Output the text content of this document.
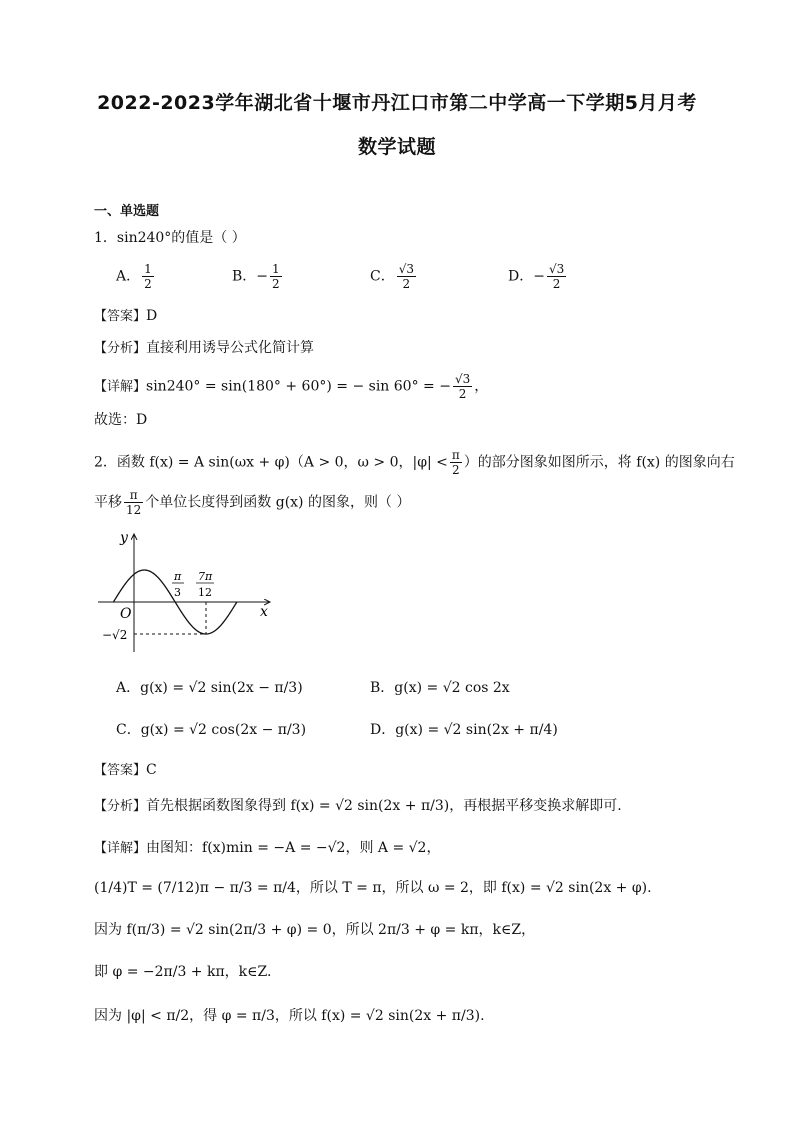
2022-2023学年湖北省十堰市丹江口市第二中学高一下学期5月月考
数学试题
一、单选题
1．sin240°的值是（ ）
A． $\frac{1}{2}$	B．− $\frac{1}{2}$	C． $\frac{√3}{2}$	D．− $\frac{√3}{2}$
【答案】D
【分析】直接利用诱导公式化简计算
【详解】sin240° = sin(180° + 60°) = − sin 60° = − $\frac{√3}{2}$ ，
故选：D
2．函数 f(x) = A sin(ωx + φ)（A > 0，ω > 0，$|\varphi| < \frac{\pi}{2}$ ）的部分图象如图所示，将 f(x) 的图象向右
平移 $\frac{\pi}{12}$ 个单位长度得到函数 g(x) 的图象，则（ ）
y
x
O
π
3
7π
12
−√2
A．g(x) = √2 sin(2x − π/3)	B．g(x) = √2 cos 2x
C．g(x) = √2 cos(2x − π/3)	D．g(x) = √2 sin(2x + π/4)
【答案】C
【分析】首先根据函数图象得到 f(x) = √2 sin(2x + π/3)，再根据平移变换求解即可.
【详解】由图知：f(x)min = −A = −√2，则 A = √2，
(1/4)T = (7/12)π − π/3 = π/4，所以 T = π，所以 ω = 2，即 f(x) = √2 sin(2x + φ).
因为 f(π/3) = √2 sin(2π/3 + φ) = 0，所以 2π/3 + φ = kπ，k∈Z，
即 φ = −2π/3 + kπ，k∈Z.
因为 |φ| < π/2，得 φ = π/3，所以 f(x) = √2 sin(2x + π/3).
